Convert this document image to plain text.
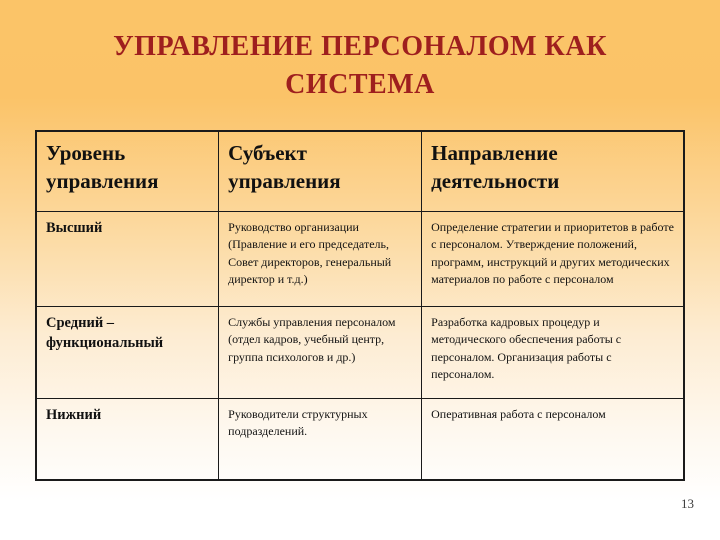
УПРАВЛЕНИЕ ПЕРСОНАЛОМ КАК СИСТЕМА
Уровень управления	Субъект управления	Направление деятельности
Высший	Руководство организации (Правление и его председатель, Совет директоров, генеральный директор и т.д.)	Определение стратегии и приоритетов в работе с персоналом. Утверждение положений, программ, инструкций и других методических материалов по работе с персоналом
Средний – функциональный	Службы управления персоналом (отдел кадров, учебный центр, группа психологов и др.)	Разработка кадровых процедур и методического обеспечения работы с персоналом. Организация работы с персоналом.
Нижний	Руководители структурных подразделений.	Оперативная работа с персоналом
13
